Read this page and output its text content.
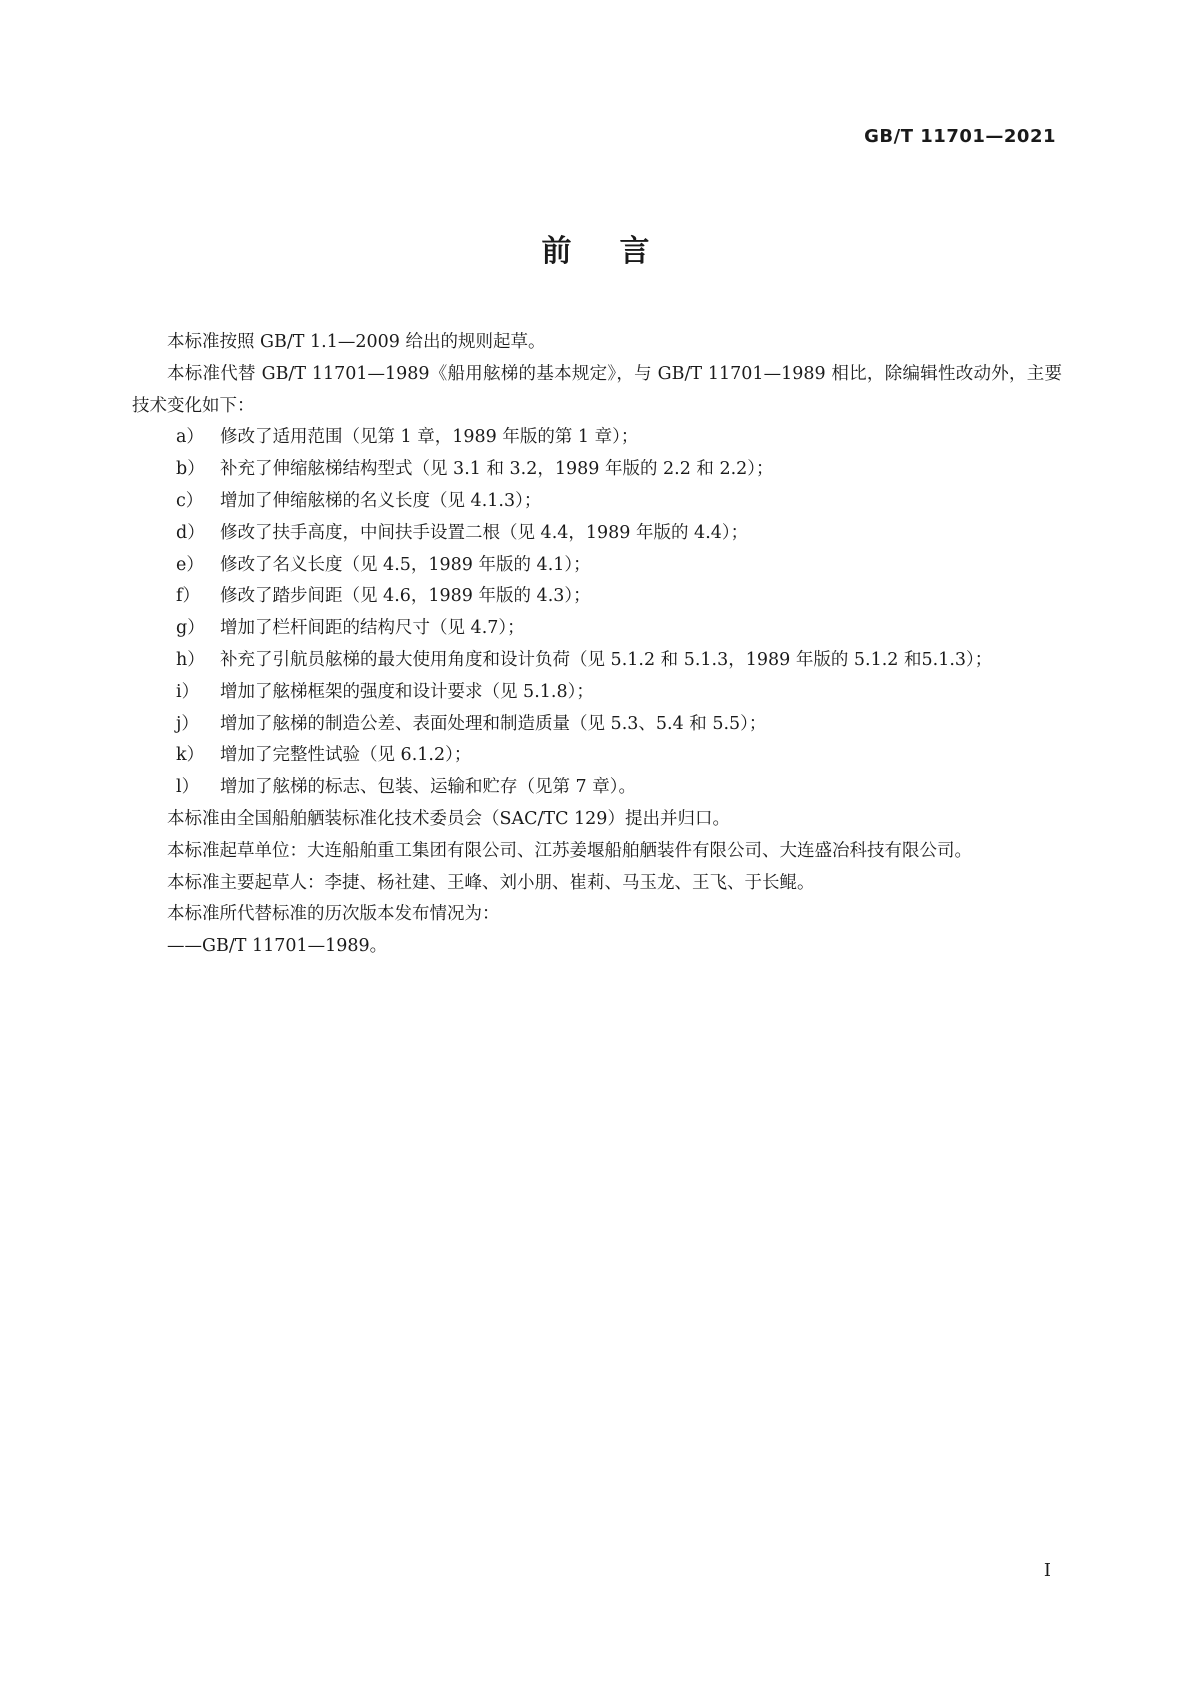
GB/T 11701—2021
前言

本标准按照 GB/T 1.1—2009 给出的规则起草。

本标准代替 GB/T 11701—1989《船用舷梯的基本规定》，与 GB/T 11701—1989 相比，除编辑性改动外，主要技术变化如下：

a） 修改了适用范围（见第 1 章，1989 年版的第 1 章）；
b） 补充了伸缩舷梯结构型式（见 3.1 和 3.2，1989 年版的 2.2 和 2.2）；
c） 增加了伸缩舷梯的名义长度（见 4.1.3）；
d） 修改了扶手高度，中间扶手设置二根（见 4.4，1989 年版的 4.4）；
e） 修改了名义长度（见 4.5，1989 年版的 4.1）；
f）	修改了踏步间距（见 4.6，1989 年版的 4.3）；
g） 增加了栏杆间距的结构尺寸（见 4.7）；
h） 补充了引航员舷梯的最大使用角度和设计负荷（见 5.1.2 和 5.1.3，1989 年版的 5.1.2 和5.1.3）；
i）	增加了舷梯框架的强度和设计要求（见 5.1.8）；
j）	增加了舷梯的制造公差、表面处理和制造质量（见 5.3、5.4 和 5.5）；
k） 增加了完整性试验（见 6.1.2）；
l）	增加了舷梯的标志、包装、运输和贮存（见第 7 章）。

本标准由全国船舶舾装标准化技术委员会（SAC/TC 129）提出并归口。

本标准起草单位：大连船舶重工集团有限公司、江苏姜堰船舶舾装件有限公司、大连盛冶科技有限公司。

本标准主要起草人：李捷、杨社建、王峰、刘小朋、崔莉、马玉龙、王飞、于长鲲。

本标准所代替标准的历次版本发布情况为：

——GB/T 11701—1989。

I
